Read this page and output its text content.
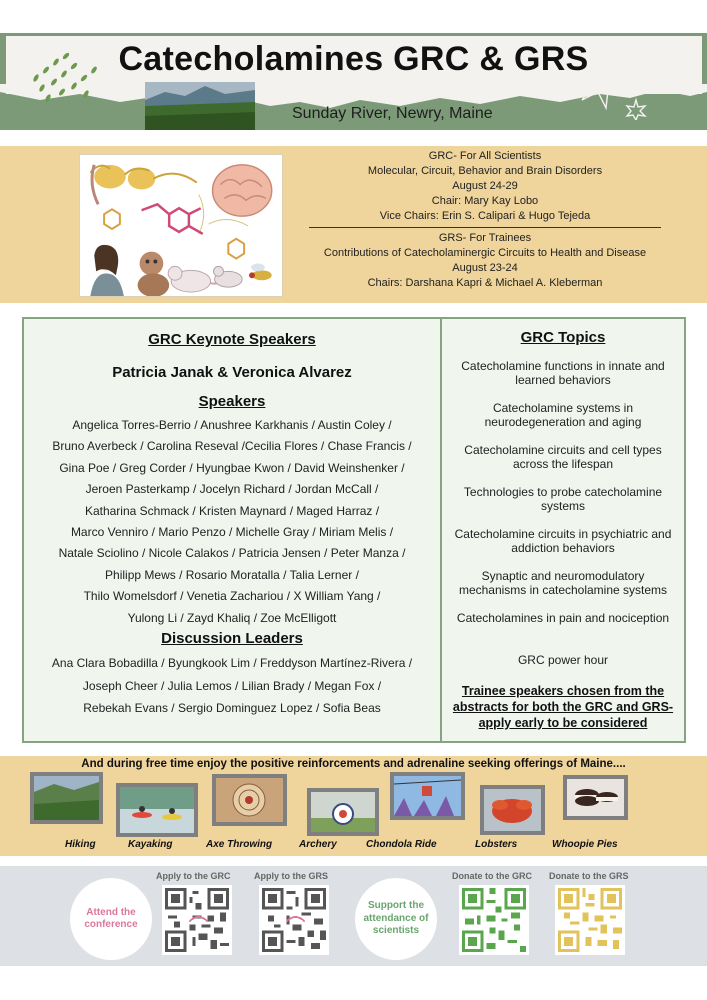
Catecholamines GRC & GRS
Sunday River, Newry, Maine
GRC- For All Scientists
Molecular, Circuit, Behavior and Brain Disorders
August 24-29
Chair: Mary Kay Lobo
Vice Chairs: Erin S. Calipari & Hugo Tejeda
GRS- For Trainees
Contributions of Catecholaminergic Circuits to Health and Disease
August 23-24
Chairs: Darshana Kapri & Michael A. Kleberman
GRC Keynote Speakers
Patricia Janak & Veronica Alvarez
Speakers
Angelica Torres-Berrio / Anushree Karkhanis / Austin Coley /
Bruno Averbeck / Carolina Reseval /Cecilia Flores / Chase Francis /
Gina Poe / Greg Corder / Hyungbae Kwon / David Weinshenker /
Jeroen Pasterkamp / Jocelyn Richard / Jordan McCall /
Katharina Schmack / Kristen Maynard / Maged Harraz /
Marco Venniro / Mario Penzo / Michelle Gray / Miriam Melis /
Natale Sciolino / Nicole Calakos / Patricia Jensen / Peter Manza /
Philipp Mews / Rosario Moratalla / Talia Lerner /
Thilo Womelsdorf / Venetia Zachariou / X William Yang /
Yulong Li / Zayd Khaliq / Zoe McElligott
Discussion Leaders
Ana Clara Bobadilla / Byungkook Lim / Freddyson Martínez-Rivera /
Joseph Cheer / Julia Lemos / Lilian Brady / Megan Fox /
Rebekah Evans / Sergio Dominguez Lopez / Sofia Beas
GRC Topics
Catecholamine functions in innate and learned behaviors
Catecholamine systems in neurodegeneration and aging
Catecholamine circuits and cell types across the lifespan
Technologies to probe catecholamine systems
Catecholamine circuits in psychiatric and addiction behaviors
Synaptic and neuromodulatory mechanisms in catecholamine systems
Catecholamines in pain and nociception
GRC power hour
Trainee speakers chosen from the abstracts for both the GRC and GRS- apply early to be considered
And during free time enjoy the positive reinforcements and adrenaline seeking offerings of Maine....
Hiking	Kayaking	Axe Throwing	Archery	Chondola Ride	Lobsters	Whoopie Pies
Attend the conference
Apply to the GRC	Apply to the GRS
Support the attendance of scientists
Donate to the GRC Donate to the GRS
